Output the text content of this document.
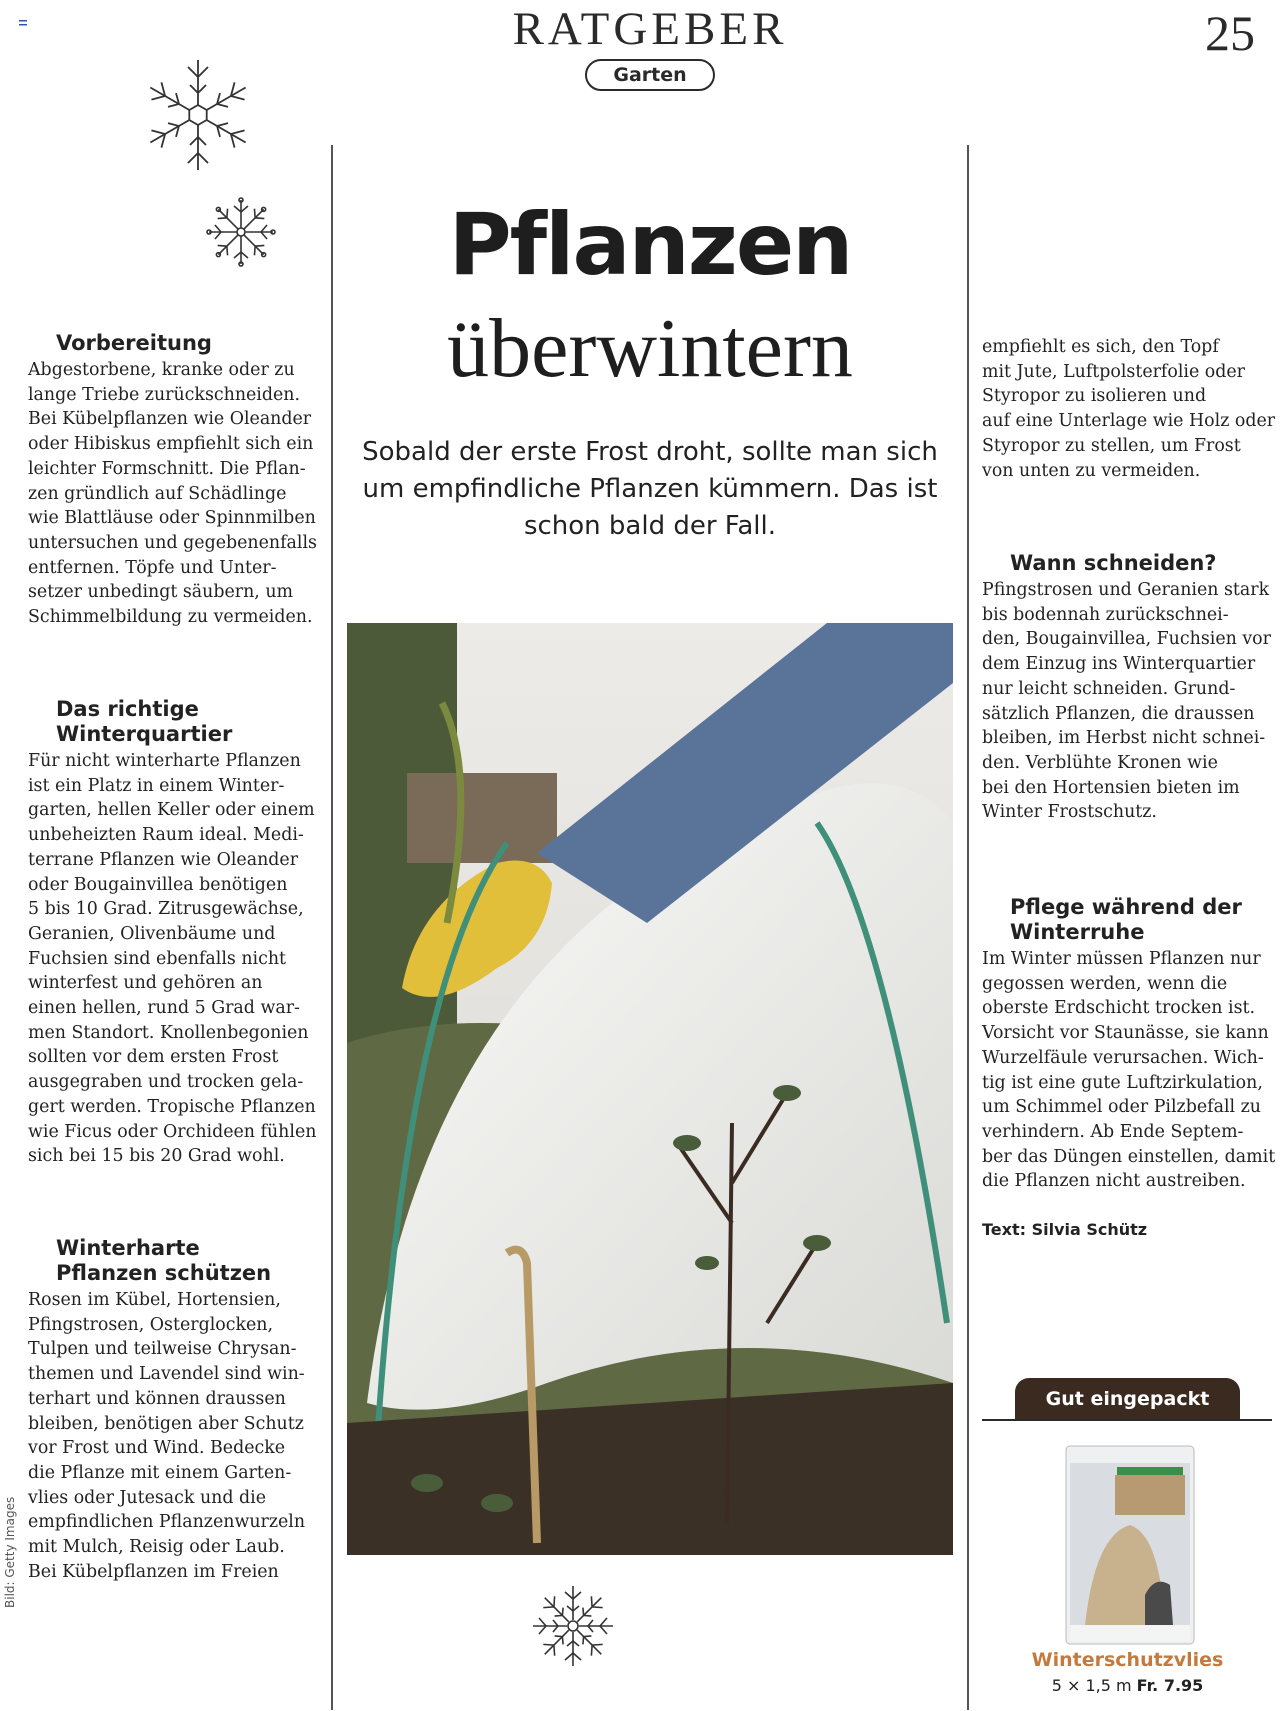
RATGEBER
Garten
25
Pflanzen
überwintern
Sobald der erste Frost droht, sollte man sich um empfindliche Pflanzen kümmern. Das ist schon bald der Fall.
Vorbereitung
Abgestorbene, kranke oder zu
lange Triebe zurückschneiden.
Bei Kübelpflanzen wie Oleander
oder Hibiskus empfiehlt sich ein
leichter Formschnitt. Die Pflan-
zen gründlich auf Schädlinge
wie Blattläuse oder Spinnmilben
untersuchen und gegebenenfalls
entfernen. Töpfe und Unter-
setzer unbedingt säubern, um
Schimmelbildung zu vermeiden.
Das richtige
Winterquartier
Für nicht winterharte Pflanzen
ist ein Platz in einem Winter-
garten, hellen Keller oder einem
unbeheizten Raum ideal. Medi-
terrane Pflanzen wie Oleander
oder Bougainvillea benötigen
5 bis 10 Grad. Zitrusgewächse,
Geranien, Olivenbäume und
Fuchsien sind ebenfalls nicht
winterfest und gehören an
einen hellen, rund 5 Grad war-
men Standort. Knollenbegonien
sollten vor dem ersten Frost
ausgegraben und trocken gela-
gert werden. Tropische Pflanzen
wie Ficus oder Orchideen fühlen
sich bei 15 bis 20 Grad wohl.
Winterharte
Pflanzen schützen
Rosen im Kübel, Hortensien,
Pfingstrosen, Osterglocken,
Tulpen und teilweise Chrysan-
themen und Lavendel sind win-
terhart und können draussen
bleiben, benötigen aber Schutz
vor Frost und Wind. Bedecke
die Pflanze mit einem Garten-
vlies oder Jutesack und die
empfindlichen Pflanzenwurzeln
mit Mulch, Reisig oder Laub.
Bei Kübelpflanzen im Freien
Bild: Getty Images
empfiehlt es sich, den Topf
mit Jute, Luftpolsterfolie oder
Styropor zu isolieren und
auf eine Unterlage wie Holz oder
Styropor zu stellen, um Frost
von unten zu vermeiden.
Wann schneiden?
Pfingstrosen und Geranien stark
bis bodennah zurückschnei-
den, Bougainvillea, Fuchsien vor
dem Einzug ins Winterquartier
nur leicht schneiden. Grund-
sätzlich Pflanzen, die draussen
bleiben, im Herbst nicht schnei-
den. Verblühte Kronen wie
bei den Hortensien bieten im
Winter Frostschutz.
Pflege während der
Winterruhe
Im Winter müssen Pflanzen nur
gegossen werden, wenn die
oberste Erdschicht trocken ist.
Vorsicht vor Staunässe, sie kann
Wurzelfäule verursachen. Wich-
tig ist eine gute Luftzirkulation,
um Schimmel oder Pilzbefall zu
verhindern. Ab Ende Septem-
ber das Düngen einstellen, damit
die Pflanzen nicht austreiben.
Text: Silvia Schütz
Gut eingepackt
Winterschutzvlies
5 × 1,5 m Fr. 7.95
